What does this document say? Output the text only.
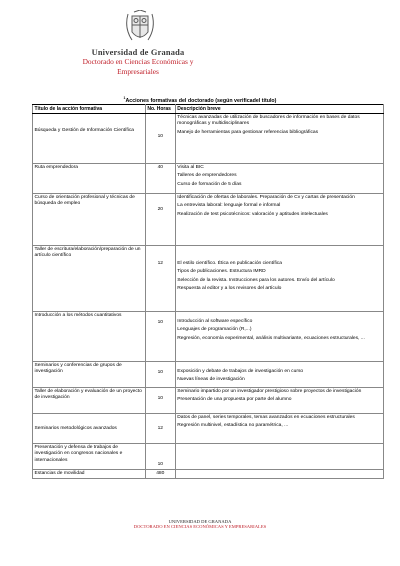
Universidad de Granada
Doctorado en Ciencias Económicas y
Empresariales
$^1$Acciones formativas del doctorado (según verificadel título)
Título de la acción formativa	No. Horas	Descripción breve

Búsqueda y Gestión de Información Científica	10	Técnicas avanzadas de utilización de buscadores de información en bases de datos monográficas y multidisciplinares

Manejo de herramientas para gestionar referencias bibliográficas

Ruta emprendedora	40	Visita al BIC

Talleres de emprendedores

Curso de formación de 5 días

Curso de orientación profesional y técnicas de búsqueda de empleo	20	Identificación de ofertas de laborales. Preparación de Cv y cartas de presentación

La entrevista laboral: lenguaje formal e informal

Realización de test psicotécnicos: valoración y aptitudes intelectuales

Taller de escritura/elaboración/preparación de un artículo científico	12	El estilo científico. Ética en publicación científica

Tipos de publicaciones. Estructura IMRD

Selección de la revista. Instrucciones para los autores. Envío del artículo

Respuesta al editor y a los revisores del artículo

Introducción a los métodos cuantitativos	10	Introducción al software específico

Lenguajes de programación (R,...)

Regresión, economía experimental, análisis multivariante, ecuaciones estructurales, ...

Seminarios y conferencias de grupos de investigación	10	Exposición y debate de trabajos de investigación en curso

Nuevas líneas de investigación

Taller de elaboración y evaluación de un proyecto de investigación	10	Seminario impartido por un investigador prestigioso sobre proyectos de investigación

Presentación de una propuesta por parte del alumno

Seminarios metodológicos avanzados	12	Datos de panel, series temporales, temas avanzados en ecuaciones estructurales

Regresión multinivel, estadística no paramétrica, ...

Presentación y defensa de trabajos de investigación en congresos nacionales e internacionales	10	

Estancias de movilidad	480	
UNIVERSIDAD DE GRANADA
DOCTORADO EN CIENCIAS ECONÓMICAS Y EMPRESARIALES
